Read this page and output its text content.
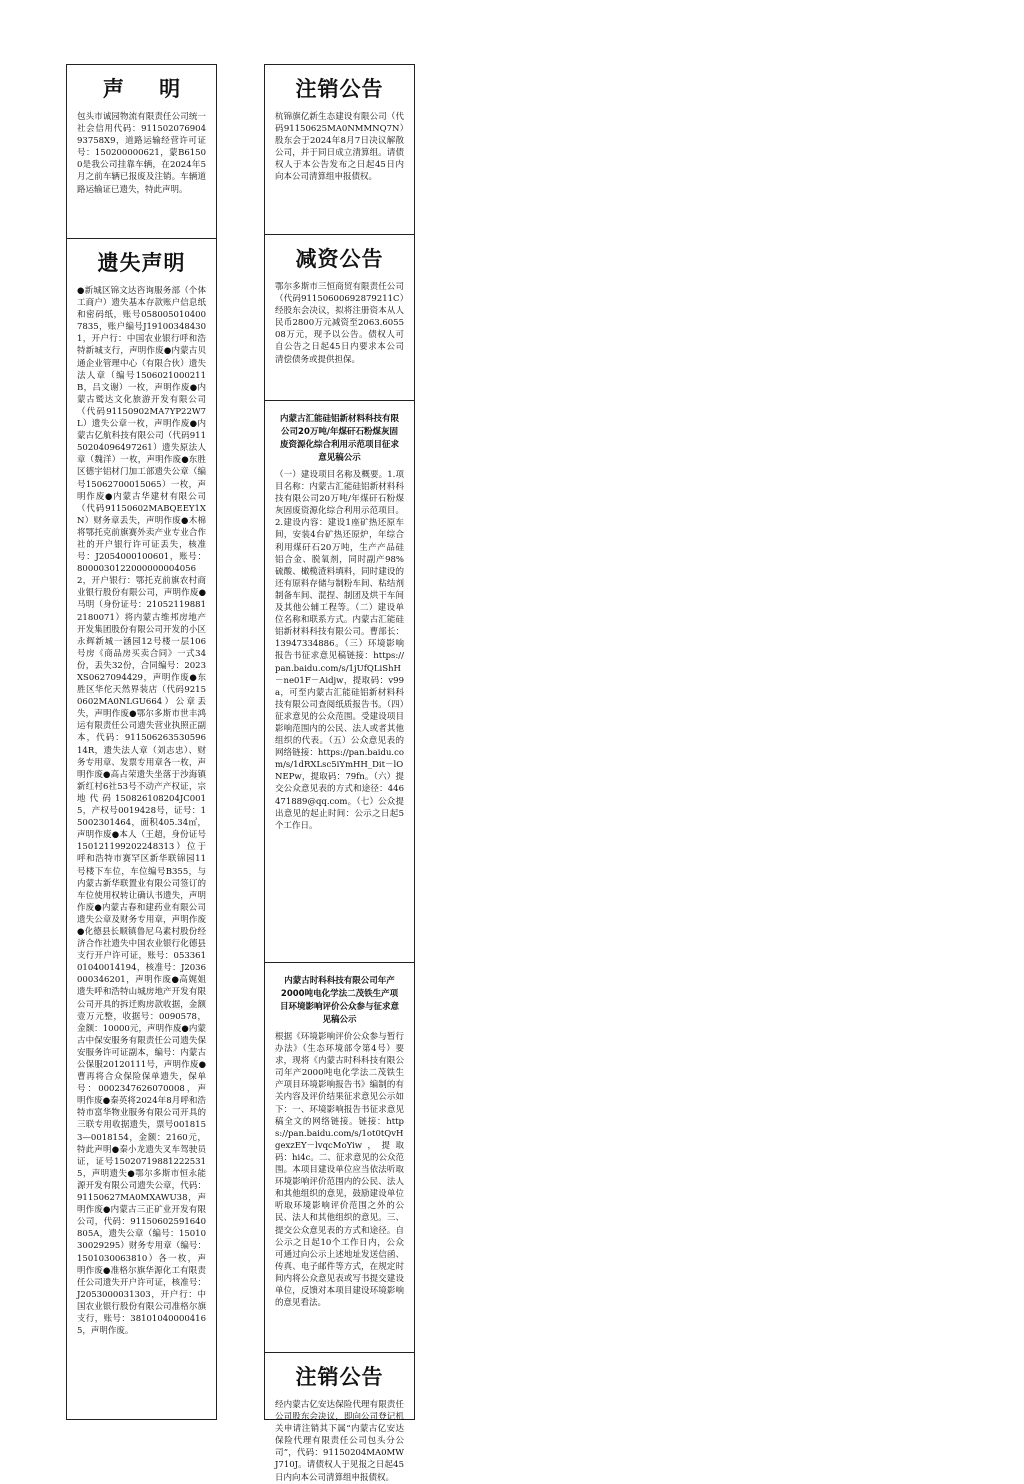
声 明

包头市诚园物流有限责任公司统一社会信用代码：91150207690493758X9，道路运输经营许可证号：150200000621，蒙B61500是我公司挂靠车辆，在2024年5月之前车辆已报废及注销。车辆道路运输证已遗失，特此声明。

遗失声明

●新城区锦文达咨询服务部（个体工商户）遗失基本存款账户信息纸和密码纸，账号0580050104007835，账户编号J191003484301，开户行：中国农业银行呼和浩特新城支行，声明作废●内蒙古贝通企业管理中心（有限合伙）遗失法人章（编号1506021000211B，吕文谢）一枚，声明作废●内蒙古鹫达文化旅游开发有限公司（代码91150902MA7YP22W7L）遗失公章一枚，声明作废●内蒙古亿航科技有限公司（代码91150204096497261）遗失原法人章（魏洋）一枚，声明作废●东胜区德宇铝材门加工部遗失公章（编号15062700015065）一枚，声明作废●内蒙古华建材有限公司（代码91150602MABQEEY1XN）财务章丢失，声明作废●木棉将鄂托克前旗赛外卖产业专业合作社的开户银行许可证丢失，核准号：J2054000100601，账号：80000301220000000040562，开户银行：鄂托克前旗农村商业银行股份有限公司，声明作废●马明（身份证号：210521198812180071）将内蒙古维邦房地产开发集团股份有限公司开发的小区永辉新城一涵园12号楼一层106号房《商品房买卖合同》一式34份，丢失32份，合同编号：2023XS0627094429，声明作废●东胜区华佗天然界装店（代码92150602MA0NLGU664）公章丢失，声明作废●鄂尔多斯市世丰鸿运有限责任公司遗失营业执照正副本，代码：91150626353059614R，遗失法人章（刘志忠）、财务专用章、发票专用章各一枚，声明作废●高占荣遗失坐落于沙海镇新红村6社53号不动产产权证，宗地代码150826108204JC0015，产权号0019428号，证号：15002301464，面积405.34㎡，声明作废●本人（王超，身份证号150121199202248313）位于呼和浩特市赛罕区新华联锦园11号楼下车位，车位编号B355，与内蒙古新华联置业有限公司签订的车位使用权转让确认书遗失，声明作废●内蒙古春和建药业有限公司遗失公章及财务专用章，声明作废●化德县长顺镇鲁尼乌素村股份经济合作社遗失中国农业银行化德县支行开户许可证，账号：05336101040014194，核准号：J2036000346201，声明作废●高娓姐遗失呼和浩特山城房地产开发有限公司开具的拆迁购房款收据，金额壹万元整，收据号：0090578，金额：10000元，声明作废●内蒙古中保安服务有限责任公司遗失保安服务许可证副本，编号：内蒙古公保服20120111号，声明作废●曹再将合众保险保单遗失，保单号：0002347626070008，声明作废●秦英将2024年8月呼和浩特市富华物业服务有限公司开具的三联专用收据遗失，票号0018153—0018154，金额：2160元，特此声明●秦小龙遗失叉车驾驶员证，证号150207198812225315，声明遗失●鄂尔多斯市恒永能源开发有限公司遗失公章，代码：91150627MA0MXAWU38，声明作废●内蒙古三正矿业开发有限公司，代码：91150602591640805A，遗失公章（编号：1501030029295）财务专用章（编号：1501030063810）各一枚，声明作废●准格尔旗华源化工有限责任公司遗失开户许可证，核准号：J2053000031303，开户行：中国农业银行股份有限公司准格尔旗支行，账号：381010400004165，声明作废。

注销公告

杭锦旗亿新生态建设有限公司（代码91150625MA0NMMNQ7N）股东会于2024年8月7日决议解散公司，并于同日成立清算组。请债权人于本公告发布之日起45日内向本公司清算组申报债权。

减资公告

鄂尔多斯市三恒商贸有限责任公司（代码91150600692879211C）经股东会决议，拟将注册资本从人民币2800万元减资至2063.605508万元，现予以公告。债权人可自公告之日起45日内要求本公司清偿债务或提供担保。

内蒙古汇能硅铝新材料科技有限公司20万吨/年煤矸石粉煤灰固废资源化综合利用示范项目征求意见稿公示

（一）建设项目名称及概要。1.项目名称：内蒙古汇能硅铝新材料科技有限公司20万吨/年煤矸石粉煤灰固废资源化综合利用示范项目。2.建设内容：建设1座矿热还原车间，安装4台矿热还原炉，年综合利用煤矸石20万吨，生产产品硅铝合金、脱氧剂，同时副产98%硫酸、橄榄渣料填料，同时建设的还有原料存储与制粉车间、粘结剂制备车间、混捏、制团及烘干车间及其他公辅工程等。（二）建设单位名称和联系方式。内蒙古汇能硅铝新材料科技有限公司。曹部长：13947334886。（三）环境影响报告书征求意见稿链接：https://pan.baidu.com/s/1jUfQLiShH－ne01F－Aidjw，提取码：v99a，可至内蒙古汇能硅铝新材料科技有限公司查阅纸质报告书。（四）征求意见的公众范围。受建设项目影响范围内的公民、法人或者其他组织的代表。（五）公众意见表的网络链接：https://pan.baidu.com/s/1dRXLsc5iYmHH_Dit－lONEPw，提取码：79fn。（六）提交公众意见表的方式和途径：446471889@qq.com。（七）公众提出意见的起止时间：公示之日起5个工作日。

内蒙古时科科技有限公司年产2000吨电化学法二茂铁生产项目环境影响评价公众参与征求意见稿公示

根据《环境影响评价公众参与暂行办法》（生态环境部令第4号）要求，现将《内蒙古时科科技有限公司年产2000吨电化学法二茂铁生产项目环境影响报告书》编制的有关内容及评价结果征求意见公示如下：一、环境影响报告书征求意见稿全文的网络链接。链接：https://pan.baidu.com/s/1ot0tQvHgexzEY－lvqcMoYiw，提取码：hi4c。二、征求意见的公众范围。本项目建设单位应当依法听取环境影响评价范围内的公民、法人和其他组织的意见，鼓励建设单位听取环境影响评价范围之外的公民、法人和其他组织的意见。三、提交公众意见表的方式和途径。自公示之日起10个工作日内，公众可通过向公示上述地址发送信函、传真、电子邮件等方式，在规定时间内将公众意见表或写书提交建设单位，反馈对本项目建设环境影响的意见看法。

注销公告

经内蒙古亿安达保险代理有限责任公司股东会决议，即向公司登记机关申请注销其下属“内蒙古亿安达保险代理有限责任公司包头分公司”，代码：91150204MA0MWJ710J。请债权人于见报之日起45日内向本公司清算组申报债权。
